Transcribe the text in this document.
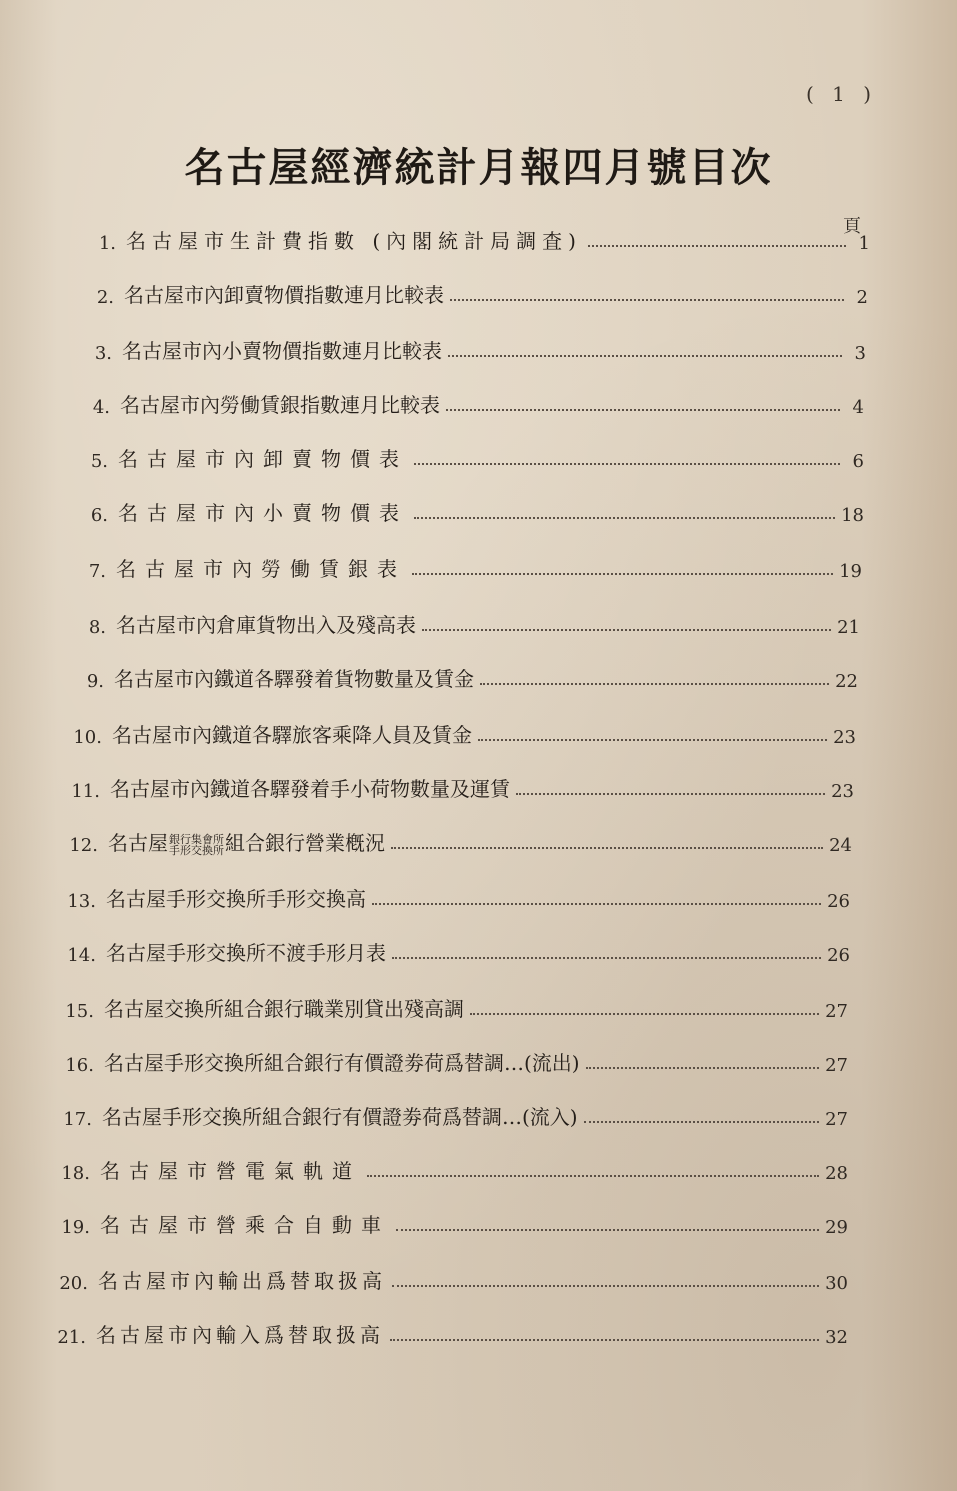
( 1 )
名古屋經濟統計月報四月號目次
頁
1. 名古屋市生計費指數 (內閣統計局調査)	1
2. 名古屋市內卸賣物價指數連月比較表	2
3. 名古屋市內小賣物價指數連月比較表	3
4. 名古屋市內勞働賃銀指數連月比較表	4
5. 名古屋市內卸賣物價表	6
6. 名古屋市內小賣物價表	18
7. 名古屋市內勞働賃銀表	19
8. 名古屋市內倉庫貨物出入及殘高表	21
9. 名古屋市內鐵道各驛發着貨物數量及賃金	22
10. 名古屋市內鐵道各驛旅客乘降人員及賃金	23
11. 名古屋市內鐵道各驛發着手小荷物數量及運賃	23
12. 名古屋 銀行集會所
手形交換所 組合銀行營業槪況	24
13. 名古屋手形交換所手形交換高	26
14. 名古屋手形交換所不渡手形月表	26
15. 名古屋交換所組合銀行職業別貸出殘高調	27
16. 名古屋手形交換所組合銀行有價證劵荷爲替調…(流出)	27
17. 名古屋手形交換所組合銀行有價證劵荷爲替調…(流入)	27
18. 名古屋市營電氣軌道	28
19. 名古屋市營乘合自動車	29
20. 名古屋市內輸出爲替取扱高	30
21. 名古屋市內輸入爲替取扱高	32
